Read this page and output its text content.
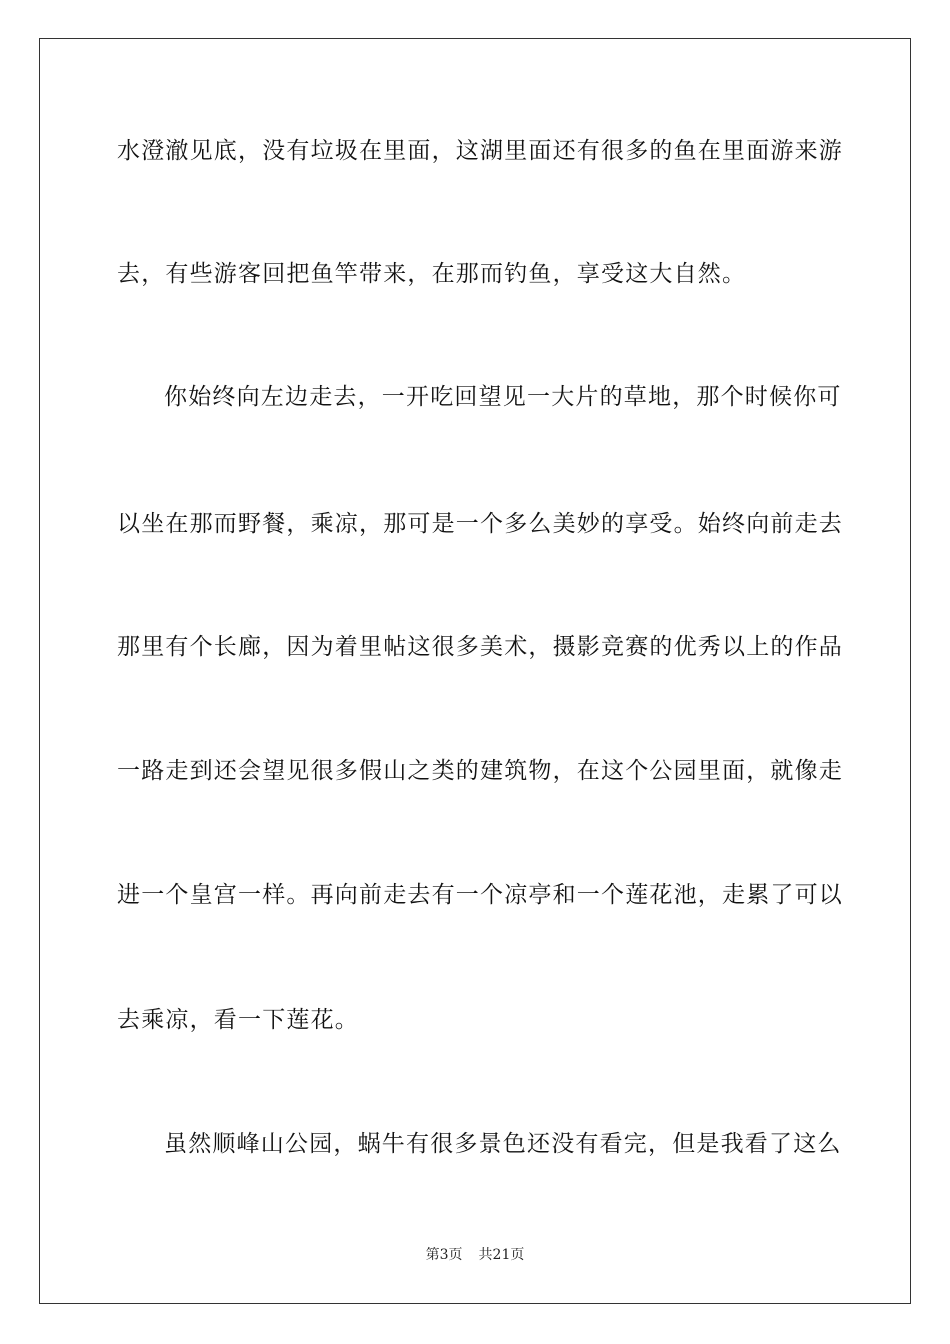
水澄澈见底，没有垃圾在里面，这湖里面还有很多的鱼在里面游来游
去，有些游客回把鱼竿带来，在那而钓鱼，享受这大自然。
你始终向左边走去，一开吃回望见一大片的草地，那个时候你可
以坐在那而野餐，乘凉，那可是一个多么美妙的享受。始终向前走去
那里有个长廊，因为着里帖这很多美术，摄影竞赛的优秀以上的作品
一路走到还会望见很多假山之类的建筑物，在这个公园里面，就像走
进一个皇宫一样。再向前走去有一个凉亭和一个莲花池，走累了可以
去乘凉，看一下莲花。
虽然顺峰山公园，蜗牛有很多景色还没有看完，但是我看了这么
第3页 共21页
